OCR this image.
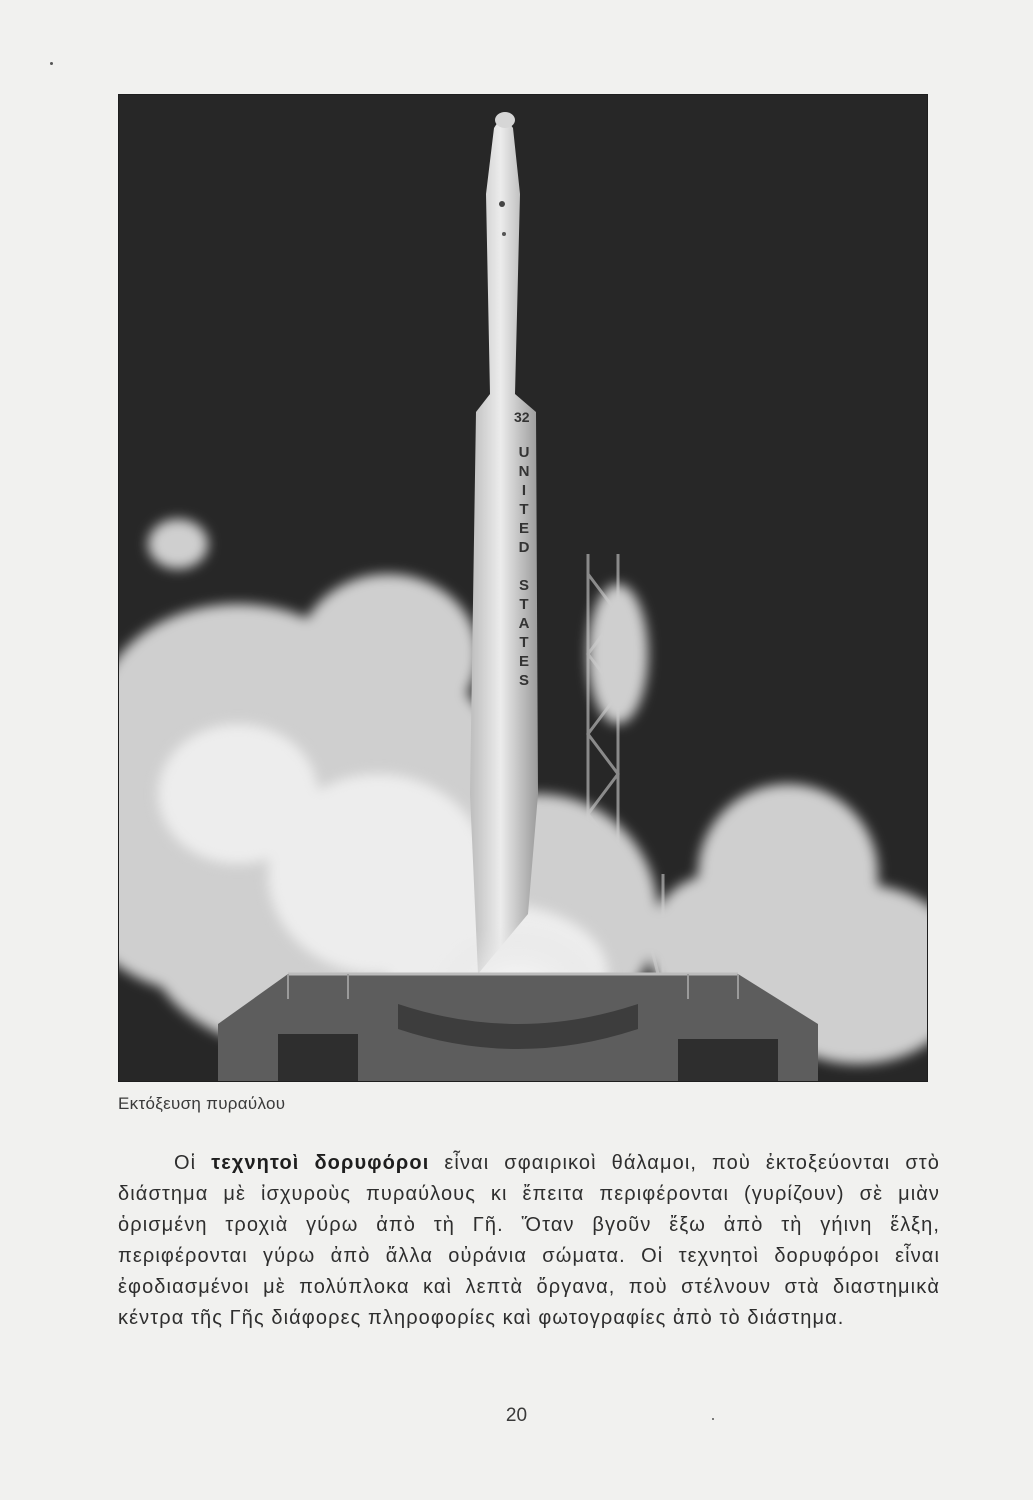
32
UNITED STATES
Εκτόξευση πυραύλου

Οἱ τεχνητοὶ δορυφόροι εἶναι σφαιρικοὶ θάλαμοι, ποὺ ἐκτοξεύονται στὸ διάστημα μὲ ἰσχυροὺς πυραύλους κι ἔπειτα περιφέρονται (γυρίζουν) σὲ μιὰν ὁρισμένη τροχιὰ γύρω ἀπὸ τὴ Γῆ. Ὅταν βγοῦν ἔξω ἀπὸ τὴ γήινη ἕλξη, περιφέρονται γύρω ἀπὸ ἄλλα οὐράνια σώματα. Οἱ τεχνητοὶ δορυφόροι εἶναι ἐφοδιασμένοι μὲ πολύπλοκα καὶ λεπτὰ ὄργανα, ποὺ στέλνουν στὰ διαστημικὰ κέντρα τῆς Γῆς διάφορες πληροφορίες καὶ φωτογραφίες ἀπὸ τὸ διάστημα.

20
